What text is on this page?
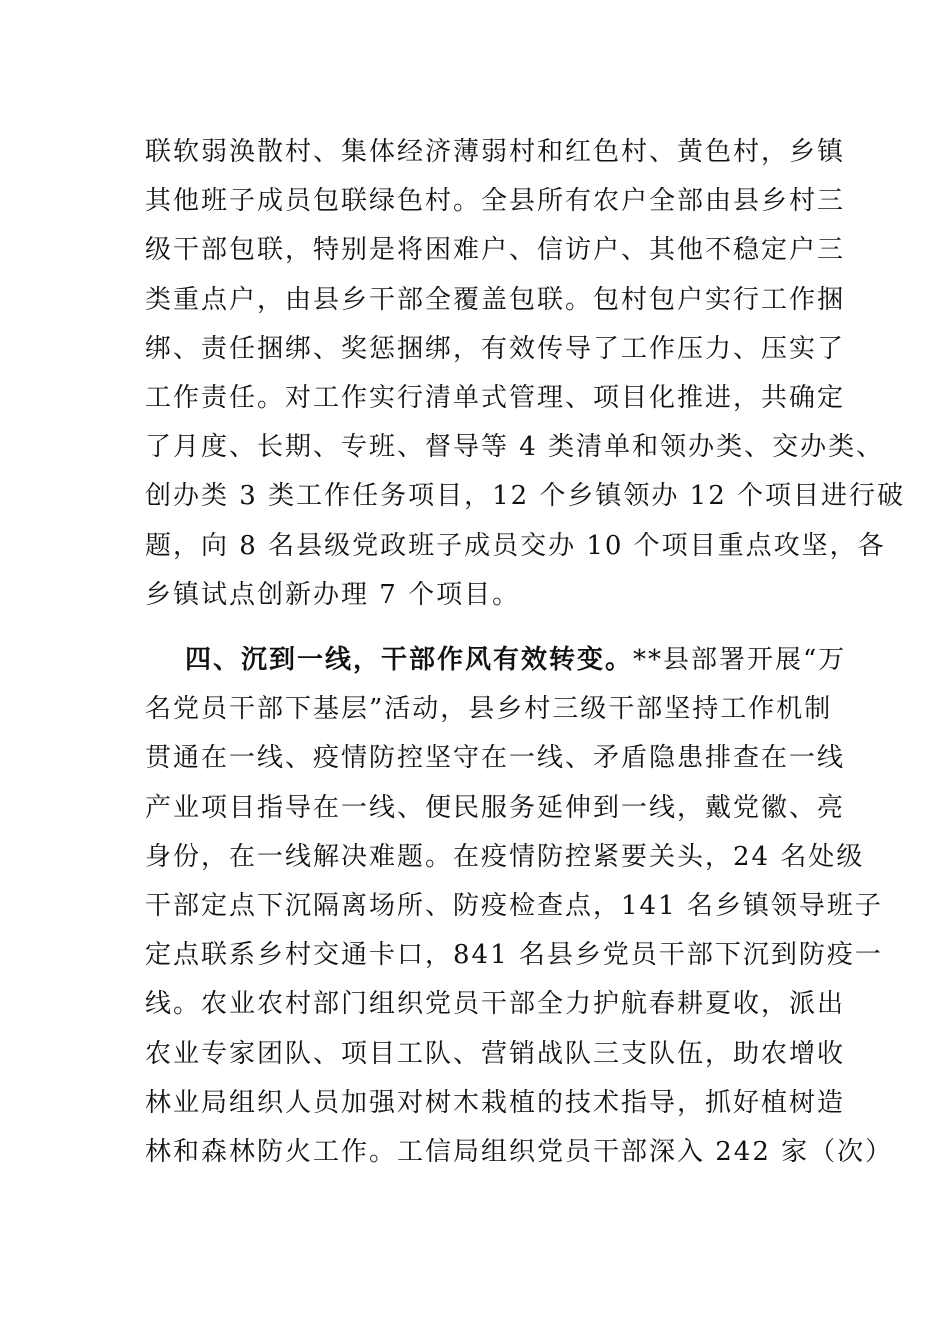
联软弱涣散村、集体经济薄弱村和红色村、黄色村，乡镇
其他班子成员包联绿色村。全县所有农户全部由县乡村三
级干部包联，特别是将困难户、信访户、其他不稳定户三
类重点户，由县乡干部全覆盖包联。包村包户实行工作捆
绑、责任捆绑、奖惩捆绑，有效传导了工作压力、压实了
工作责任。对工作实行清单式管理、项目化推进，共确定
了月度、长期、专班、督导等 4 类清单和领办类、交办类、
创办类 3 类工作任务项目，12 个乡镇领办 12 个项目进行破
题，向 8 名县级党政班子成员交办 10 个项目重点攻坚，各
乡镇试点创新办理 7 个项目。
四、沉到一线，干部作风有效转变。**县部署开展“万
名党员干部下基层”活动，县乡村三级干部坚持工作机制
贯通在一线、疫情防控坚守在一线、矛盾隐患排查在一线
产业项目指导在一线、便民服务延伸到一线，戴党徽、亮
身份，在一线解决难题。在疫情防控紧要关头，24 名处级
干部定点下沉隔离场所、防疫检查点，141 名乡镇领导班子
定点联系乡村交通卡口，841 名县乡党员干部下沉到防疫一
线。农业农村部门组织党员干部全力护航春耕夏收，派出
农业专家团队、项目工队、营销战队三支队伍，助农增收
林业局组织人员加强对树木栽植的技术指导，抓好植树造
林和森林防火工作。工信局组织党员干部深入 242 家（次）
